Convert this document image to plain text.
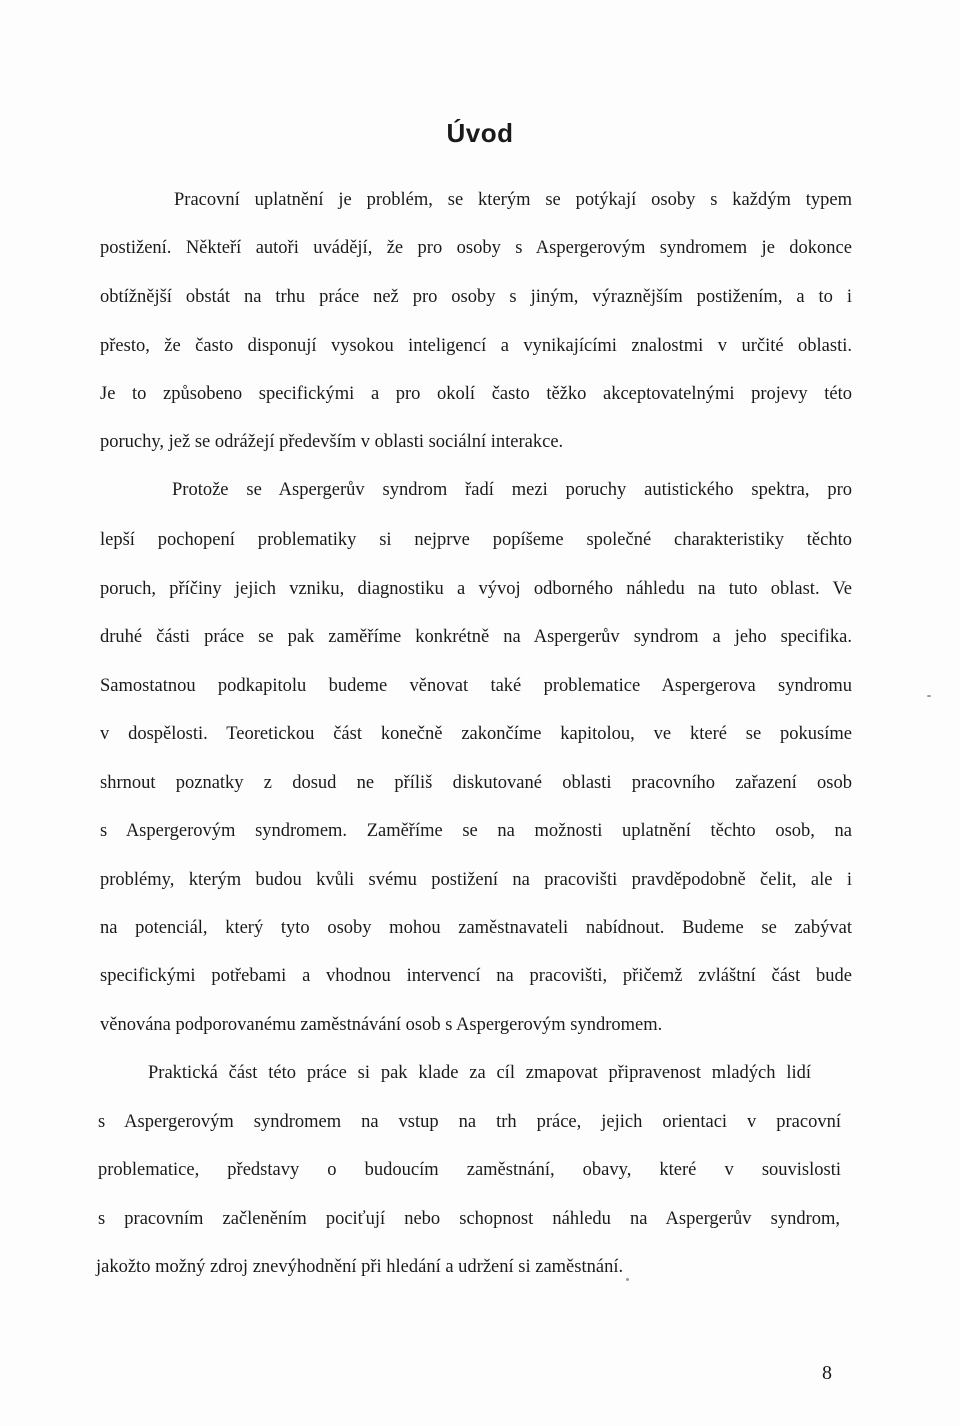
Úvod
Pracovní uplatnění je problém, se kterým se potýkají osoby s každým typem
postižení. Někteří autoři uvádějí, že pro osoby s Aspergerovým syndromem je dokonce
obtížnější obstát na trhu práce než pro osoby s jiným, výraznějším postižením, a to i
přesto, že často disponují vysokou inteligencí a vynikajícími znalostmi v určité oblasti.
Je to způsobeno specifickými a pro okolí často těžko akceptovatelnými projevy této
poruchy, jež se odrážejí především v oblasti sociální interakce.
Protože se Aspergerův syndrom řadí mezi poruchy autistického spektra, pro
lepší pochopení problematiky si nejprve popíšeme společné charakteristiky těchto
poruch, příčiny jejich vzniku, diagnostiku a vývoj odborného náhledu na tuto oblast. Ve
druhé části práce se pak zaměříme konkrétně na Aspergerův syndrom a jeho specifika.
Samostatnou podkapitolu budeme věnovat také problematice Aspergerova syndromu
v dospělosti. Teoretickou část konečně zakončíme kapitolou, ve které se pokusíme
shrnout poznatky z dosud ne příliš diskutované oblasti pracovního zařazení osob
s Aspergerovým syndromem. Zaměříme se na možnosti uplatnění těchto osob, na
problémy, kterým budou kvůli svému postižení na pracovišti pravděpodobně čelit, ale i
na potenciál, který tyto osoby mohou zaměstnavateli nabídnout. Budeme se zabývat
specifickými potřebami a vhodnou intervencí na pracovišti, přičemž zvláštní část bude
věnována podporovanému zaměstnávání osob s Aspergerovým syndromem.
Praktická část této práce si pak klade za cíl zmapovat připravenost mladých lidí
s Aspergerovým syndromem na vstup na trh práce, jejich orientaci v pracovní
problematice, představy o budoucím zaměstnání, obavy, které v souvislosti
s pracovním začleněním pociťují nebo schopnost náhledu na Aspergerův syndrom,
jakožto možný zdroj znevýhodnění při hledání a udržení si zaměstnání.
8
